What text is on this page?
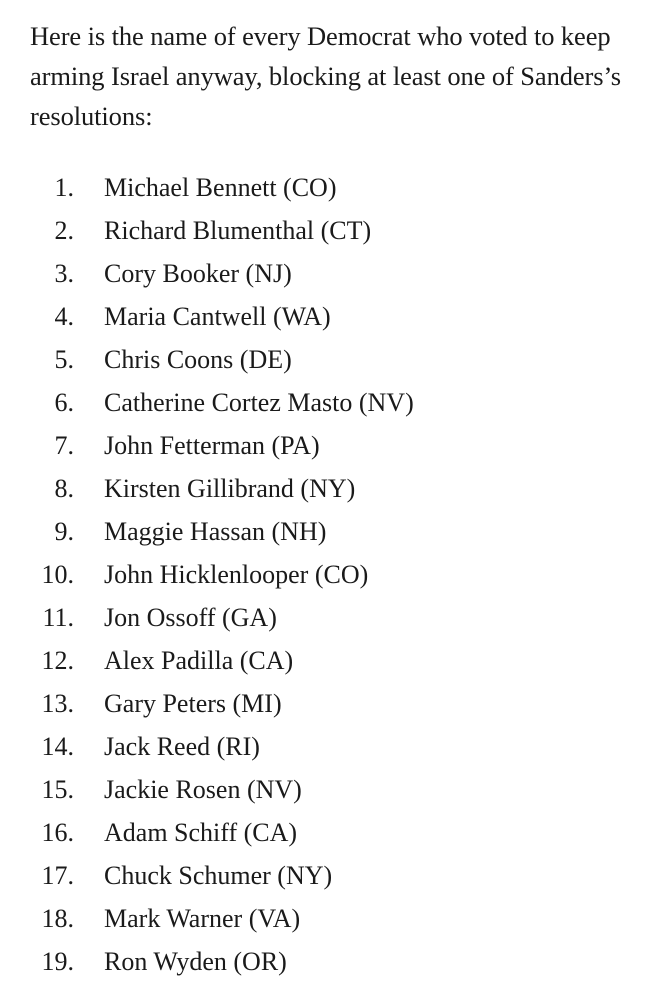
Here is the name of every Democrat who voted to keep arming Israel anyway, blocking at least one of Sanders’s resolutions:

1. Michael Bennett (CO)
2. Richard Blumenthal (CT)
3. Cory Booker (NJ)
4. Maria Cantwell (WA)
5. Chris Coons (DE)
6. Catherine Cortez Masto (NV)
7. John Fetterman (PA)
8. Kirsten Gillibrand (NY)
9. Maggie Hassan (NH)
10. John Hicklenlooper (CO)
11. Jon Ossoff (GA)
12. Alex Padilla (CA)
13. Gary Peters (MI)
14. Jack Reed (RI)
15. Jackie Rosen (NV)
16. Adam Schiff (CA)
17. Chuck Schumer (NY)
18. Mark Warner (VA)
19. Ron Wyden (OR)
